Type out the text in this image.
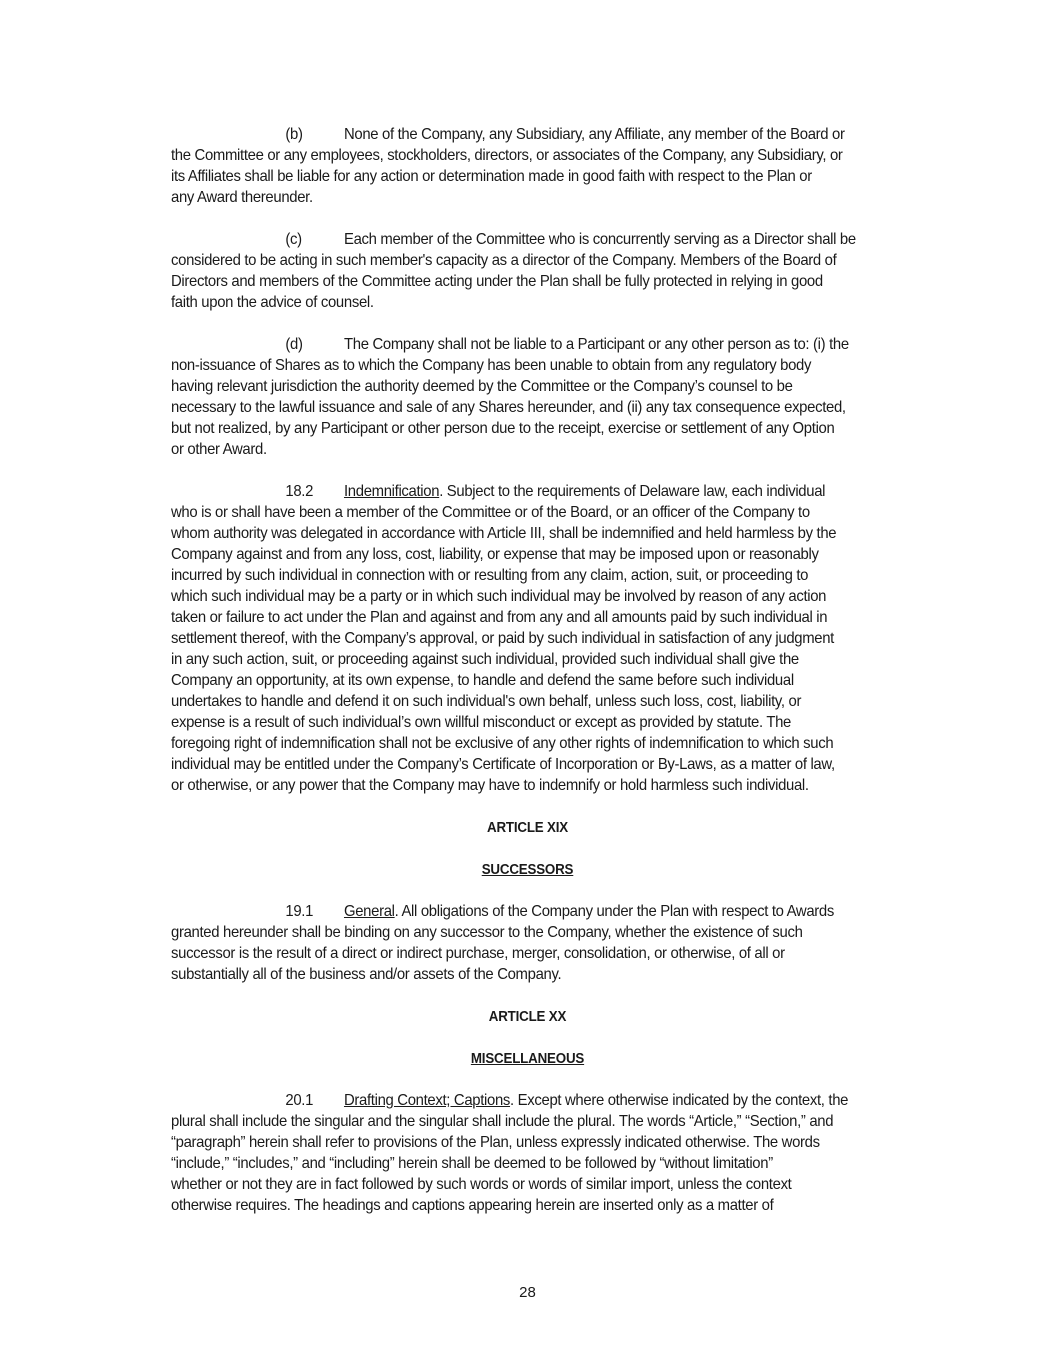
(b)	None of the Company, any Subsidiary, any Affiliate, any member of the Board or
the Committee or any employees, stockholders, directors, or associates of the Company, any Subsidiary, or
its Affiliates shall be liable for any action or determination made in good faith with respect to the Plan or
any Award thereunder.
(c)	Each member of the Committee who is concurrently serving as a Director shall be
considered to be acting in such member's capacity as a director of the Company. Members of the Board of
Directors and members of the Committee acting under the Plan shall be fully protected in relying in good
faith upon the advice of counsel.
(d)	The Company shall not be liable to a Participant or any other person as to: (i) the
non-issuance of Shares as to which the Company has been unable to obtain from any regulatory body
having relevant jurisdiction the authority deemed by the Committee or the Company’s counsel to be
necessary to the lawful issuance and sale of any Shares hereunder, and (ii) any tax consequence expected,
but not realized, by any Participant or other person due to the receipt, exercise or settlement of any Option
or other Award.
18.2 Indemnification. Subject to the requirements of Delaware law, each individual
who is or shall have been a member of the Committee or of the Board, or an officer of the Company to
whom authority was delegated in accordance with Article III, shall be indemnified and held harmless by the
Company against and from any loss, cost, liability, or expense that may be imposed upon or reasonably
incurred by such individual in connection with or resulting from any claim, action, suit, or proceeding to
which such individual may be a party or in which such individual may be involved by reason of any action
taken or failure to act under the Plan and against and from any and all amounts paid by such individual in
settlement thereof, with the Company’s approval, or paid by such individual in satisfaction of any judgment
in any such action, suit, or proceeding against such individual, provided such individual shall give the
Company an opportunity, at its own expense, to handle and defend the same before such individual
undertakes to handle and defend it on such individual's own behalf, unless such loss, cost, liability, or
expense is a result of such individual’s own willful misconduct or except as provided by statute. The
foregoing right of indemnification shall not be exclusive of any other rights of indemnification to which such
individual may be entitled under the Company’s Certificate of Incorporation or By-Laws, as a matter of law,
or otherwise, or any power that the Company may have to indemnify or hold harmless such individual.
ARTICLE XIX
SUCCESSORS
19.1 General. All obligations of the Company under the Plan with respect to Awards
granted hereunder shall be binding on any successor to the Company, whether the existence of such
successor is the result of a direct or indirect purchase, merger, consolidation, or otherwise, of all or
substantially all of the business and/or assets of the Company.
ARTICLE XX
MISCELLANEOUS
20.1 Drafting Context; Captions. Except where otherwise indicated by the context, the
plural shall include the singular and the singular shall include the plural. The words “Article,” “Section,” and
“paragraph” herein shall refer to provisions of the Plan, unless expressly indicated otherwise. The words
“include,” “includes,” and “including” herein shall be deemed to be followed by “without limitation”
whether or not they are in fact followed by such words or words of similar import, unless the context
otherwise requires. The headings and captions appearing herein are inserted only as a matter of
28
